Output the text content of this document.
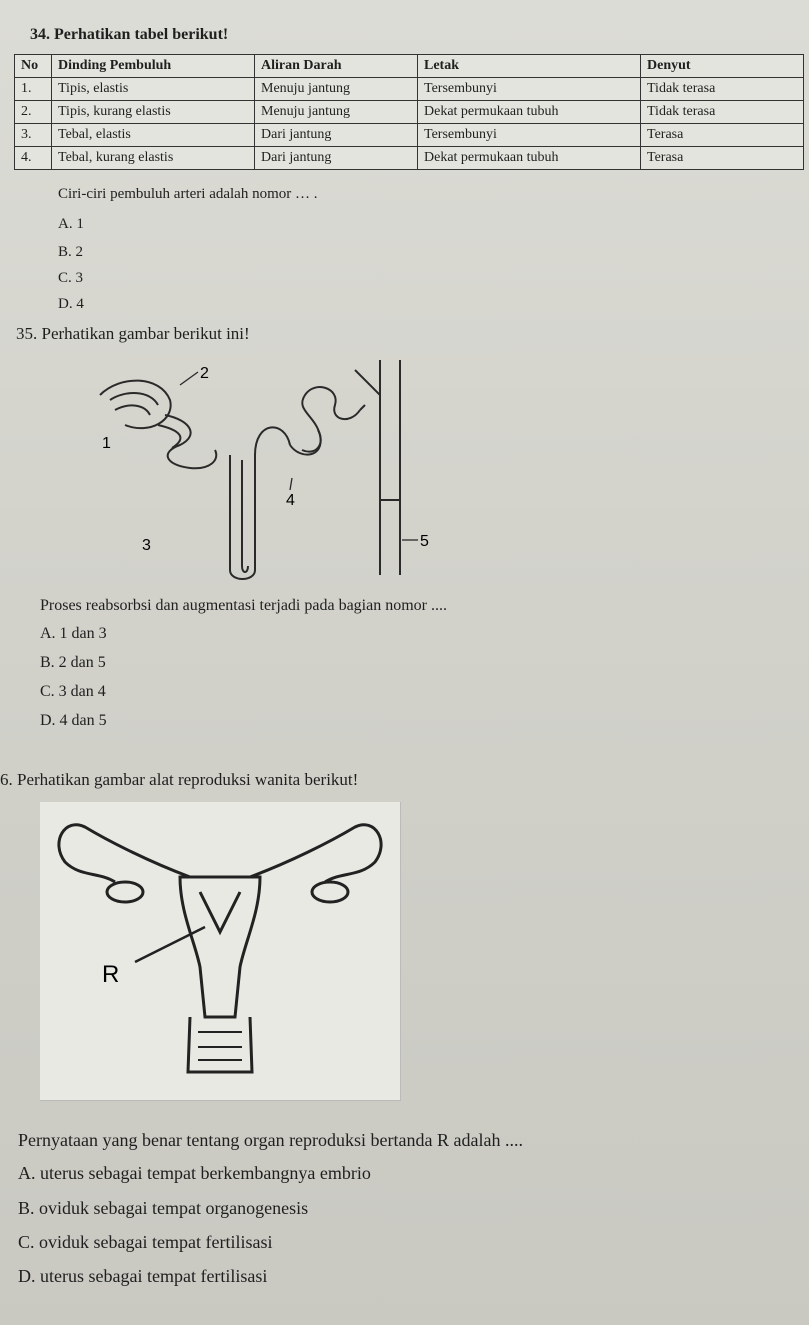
34. Perhatikan tabel berikut!
No	Dinding Pembuluh	Aliran Darah	Letak	Denyut
1.	Tipis, elastis	Menuju jantung	Tersembunyi	Tidak terasa
2.	Tipis, kurang elastis	Menuju jantung	Dekat permukaan tubuh	Tidak terasa
3.	Tebal, elastis	Dari jantung	Tersembunyi	Terasa
4.	Tebal, kurang elastis	Dari jantung	Dekat permukaan tubuh	Terasa
Ciri-ciri pembuluh arteri adalah nomor … .
A. 1
B. 2
C. 3
D. 4
35. Perhatikan gambar berikut ini!
2
1
3
4
5
Proses reabsorbsi dan augmentasi terjadi pada bagian nomor ....
A. 1 dan 3
B. 2 dan 5
C. 3 dan 4
D. 4 dan 5
6. Perhatikan gambar alat reproduksi wanita berikut!
R
Pernyataan yang benar tentang organ reproduksi bertanda R adalah ....
A. uterus sebagai tempat berkembangnya embrio
B. oviduk sebagai tempat organogenesis
C. oviduk sebagai tempat fertilisasi
D. uterus sebagai tempat fertilisasi
